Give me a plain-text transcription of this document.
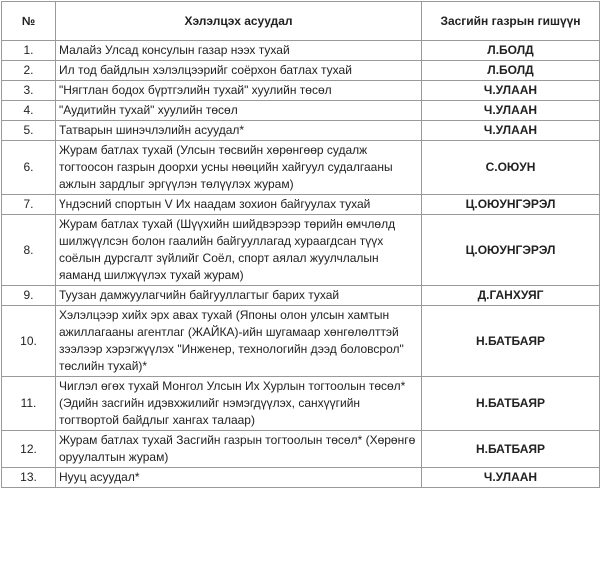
№	Хэлэлцэх асуудал	Засгийн газрын гишүүн
1.	Малайз Улсад консулын газар нээх тухай	Л.БОЛД
2.	Ил тод байдлын хэлэлцээрийг соёрхон батлах тухай	Л.БОЛД
3.	"Нягтлан бодох бүртгэлийн тухай" хуулийн төсөл	Ч.УЛААН
4.	"Аудитийн тухай" хуулийн төсөл	Ч.УЛААН
5.	Татварын шинэчлэлийн асуудал*	Ч.УЛААН
6.	Журам батлах тухай (Улсын төсвийн хөрөнгөөр судалж тогтоосон газрын доорхи усны нөөцийн хайгуул судалгааны ажлын зардлыг эргүүлэн төлүүлэх журам)	С.ОЮУН
7.	Үндэсний спортын V Их наадам зохион байгуулах тухай	Ц.ОЮУНГЭРЭЛ
8.	Журам батлах тухай (Шүүхийн шийдвэрээр төрийн өмчлөлд шилжүүлсэн болон гаалийн байгууллагад хураагдсан түүх соёлын дурсгалт зүйлийг Соёл, спорт аялал жуулчлалын яаманд шилжүүлэх тухай журам)	Ц.ОЮУНГЭРЭЛ
9.	Туузан дамжуулагчийн байгууллагтыг барих тухай	Д.ГАНХУЯГ
10.	Хэлэлцээр хийх эрх авах тухай (Японы олон улсын хамтын ажиллагааны агентлаг (ЖАЙКА)-ийн шугамаар хөнгөлөлттэй зээлээр хэрэгжүүлэх "Инженер, технологийн дээд боловсрол" төслийн тухай)*	Н.БАТБАЯР
11.	Чиглэл өгөх тухай Монгол Улсын Их Хурлын тогтоолын төсөл* (Эдийн засгийн идэвхжилийг нэмэгдүүлэх, санхүүгийн тогтвортой байдлыг хангах талаар)	Н.БАТБАЯР
12.	Журам батлах тухай Засгийн газрын тогтоолын төсөл* (Хөрөнгө оруулалтын журам)	Н.БАТБАЯР
13.	Нууц асуудал*	Ч.УЛААН
